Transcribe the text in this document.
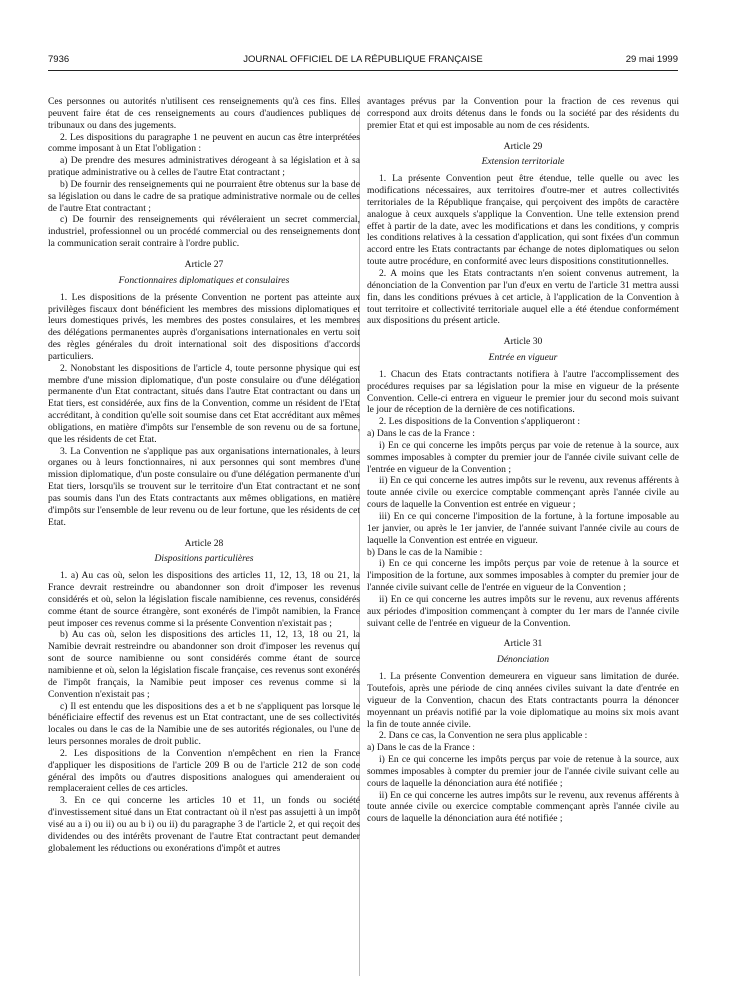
7936	JOURNAL OFFICIEL DE LA RÉPUBLIQUE FRANÇAISE	29 mai 1999

Ces personnes ou autorités n'utilisent ces renseignements qu'à ces fins. Elles peuvent faire état de ces renseignements au cours d'audiences publiques de tribunaux ou dans des jugements.

2. Les dispositions du paragraphe 1 ne peuvent en aucun cas être interprétées comme imposant à un Etat l'obligation :

a) De prendre des mesures administratives dérogeant à sa législation et à sa pratique administrative ou à celles de l'autre Etat contractant ;

b) De fournir des renseignements qui ne pourraient être obtenus sur la base de sa législation ou dans le cadre de sa pratique administrative normale ou de celles de l'autre Etat contractant ;

c) De fournir des renseignements qui révéleraient un secret commercial, industriel, professionnel ou un procédé commercial ou des renseignements dont la communication serait contraire à l'ordre public.

Article 27

Fonctionnaires diplomatiques et consulaires

1. Les dispositions de la présente Convention ne portent pas atteinte aux privilèges fiscaux dont bénéficient les membres des missions diplomatiques et leurs domestiques privés, les membres des postes consulaires, et les membres des délégations permanentes auprès d'organisations internationales en vertu soit des règles générales du droit international soit des dispositions d'accords particuliers.

2. Nonobstant les dispositions de l'article 4, toute personne physique qui est membre d'une mission diplomatique, d'un poste consulaire ou d'une délégation permanente d'un Etat contractant, situés dans l'autre Etat contractant ou dans un Etat tiers, est considérée, aux fins de la Convention, comme un résident de l'Etat accréditant, à condition qu'elle soit soumise dans cet Etat accréditant aux mêmes obligations, en matière d'impôts sur l'ensemble de son revenu ou de sa fortune, que les résidents de cet Etat.

3. La Convention ne s'applique pas aux organisations internationales, à leurs organes ou à leurs fonctionnaires, ni aux personnes qui sont membres d'une mission diplomatique, d'un poste consulaire ou d'une délégation permanente d'un Etat tiers, lorsqu'ils se trouvent sur le territoire d'un Etat contractant et ne sont pas soumis dans l'un des Etats contractants aux mêmes obligations, en matière d'impôts sur l'ensemble de leur revenu ou de leur fortune, que les résidents de cet Etat.

Article 28

Dispositions particulières

1. a) Au cas où, selon les dispositions des articles 11, 12, 13, 18 ou 21, la France devrait restreindre ou abandonner son droit d'imposer les revenus considérés et où, selon la législation fiscale namibienne, ces revenus, considérés comme étant de source étrangère, sont exonérés de l'impôt namibien, la France peut imposer ces revenus comme si la présente Convention n'existait pas ;

b) Au cas où, selon les dispositions des articles 11, 12, 13, 18 ou 21, la Namibie devrait restreindre ou abandonner son droit d'imposer les revenus qui sont de source namibienne ou sont considérés comme étant de source namibienne et où, selon la législation fiscale française, ces revenus sont exonérés de l'impôt français, la Namibie peut imposer ces revenus comme si la Convention n'existait pas ;

c) Il est entendu que les dispositions des a et b ne s'appliquent pas lorsque le bénéficiaire effectif des revenus est un Etat contractant, une de ses collectivités locales ou dans le cas de la Namibie une de ses autorités régionales, ou l'une de leurs personnes morales de droit public.

2. Les dispositions de la Convention n'empêchent en rien la France d'appliquer les dispositions de l'article 209 B ou de l'article 212 de son code général des impôts ou d'autres dispositions analogues qui amenderaient ou remplaceraient celles de ces articles.

3. En ce qui concerne les articles 10 et 11, un fonds ou société d'investissement situé dans un Etat contractant où il n'est pas assujetti à un impôt visé au a i) ou ii) ou au b i) ou ii) du paragraphe 3 de l'article 2, et qui reçoit des dividendes ou des intérêts provenant de l'autre Etat contractant peut demander globalement les réductions ou exonérations d'impôt et autres

avantages prévus par la Convention pour la fraction de ces revenus qui correspond aux droits détenus dans le fonds ou la société par des résidents du premier Etat et qui est imposable au nom de ces résidents.

Article 29

Extension territoriale

1. La présente Convention peut être étendue, telle quelle ou avec les modifications nécessaires, aux territoires d'outre-mer et autres collectivités territoriales de la République française, qui perçoivent des impôts de caractère analogue à ceux auxquels s'applique la Convention. Une telle extension prend effet à partir de la date, avec les modifications et dans les conditions, y compris les conditions relatives à la cessation d'application, qui sont fixées d'un commun accord entre les Etats contractants par échange de notes diplomatiques ou selon toute autre procédure, en conformité avec leurs dispositions constitutionnelles.

2. A moins que les Etats contractants n'en soient convenus autrement, la dénonciation de la Convention par l'un d'eux en vertu de l'article 31 mettra aussi fin, dans les conditions prévues à cet article, à l'application de la Convention à tout territoire et collectivité territoriale auquel elle a été étendue conformément aux dispositions du présent article.

Article 30

Entrée en vigueur

1. Chacun des Etats contractants notifiera à l'autre l'accomplissement des procédures requises par sa législation pour la mise en vigueur de la présente Convention. Celle-ci entrera en vigueur le premier jour du second mois suivant le jour de réception de la dernière de ces notifications.

2. Les dispositions de la Convention s'appliqueront :

a) Dans le cas de la France :

i) En ce qui concerne les impôts perçus par voie de retenue à la source, aux sommes imposables à compter du premier jour de l'année civile suivant celle de l'entrée en vigueur de la Convention ;

ii) En ce qui concerne les autres impôts sur le revenu, aux revenus afférents à toute année civile ou exercice comptable commençant après l'année civile au cours de laquelle la Convention est entrée en vigueur ;

iii) En ce qui concerne l'imposition de la fortune, à la fortune imposable au 1er janvier, ou après le 1er janvier, de l'année suivant l'année civile au cours de laquelle la Convention est entrée en vigueur.

b) Dans le cas de la Namibie :

i) En ce qui concerne les impôts perçus par voie de retenue à la source et l'imposition de la fortune, aux sommes imposables à compter du premier jour de l'année civile suivant celle de l'entrée en vigueur de la Convention ;

ii) En ce qui concerne les autres impôts sur le revenu, aux revenus afférents aux périodes d'imposition commençant à compter du 1er mars de l'année civile suivant celle de l'entrée en vigueur de la Convention.

Article 31

Dénonciation

1. La présente Convention demeurera en vigueur sans limitation de durée. Toutefois, après une période de cinq années civiles suivant la date d'entrée en vigueur de la Convention, chacun des Etats contractants pourra la dénoncer moyennant un préavis notifié par la voie diplomatique au moins six mois avant la fin de toute année civile.

2. Dans ce cas, la Convention ne sera plus applicable :

a) Dans le cas de la France :

i) En ce qui concerne les impôts perçus par voie de retenue à la source, aux sommes imposables à compter du premier jour de l'année civile suivant celle au cours de laquelle la dénonciation aura été notifiée ;

ii) En ce qui concerne les autres impôts sur le revenu, aux revenus afférents à toute année civile ou exercice comptable commençant après l'année civile au cours de laquelle la dénonciation aura été notifiée ;
